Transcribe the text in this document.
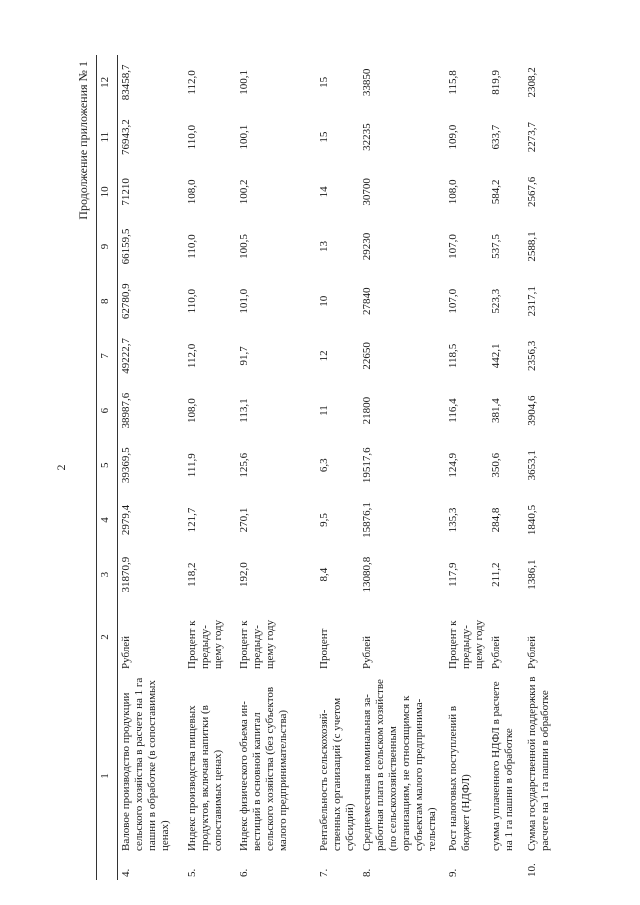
2
Продолжение приложения № 1
1		2	3	4	5	6	7	8	9	10	11	12
4.	Валовое производство продукции сельского хозяйства в расчете на 1 га пашни в обработке (в сопоставимых ценах)	Рублей	31870,9	2979,4	39369,5	38987,6	49222,7	62780,9	66159,5	71210	76943,2	83458,7
5.	Индекс производства пищевых продуктов, включая напитки (в сопоставимых ценах)	Процент к предыдущему году	118,2	121,7	111,9	108,0	112,0	110,0	110,0	108,0	110,0	112,0
6.	Индекс физического объема инвестиций в основной капитал сельского хозяйства (без субъектов малого предпринимательства)	Процент к предыдущему году	192,0	270,1	125,6	113,1	91,7	101,0	100,5	100,2	100,1	100,1
7.	Рентабельность сельскохозяйственных организаций (с учетом субсидий)	Процент	8,4	9,5	6,3	11	12	10	13	14	15	15
8.	Среднемесячная номинальная заработная плата в сельском хозяйстве (по сельскохозяйственным организациям, не относящимся к субъектам малого предпринимательства)	Рублей	13080,8	15876,1	19517,6	21800	22650	27840	29230	30700	32235	33850
9.	Рост налоговых поступлений в бюджет (НДФЛ)	Процент к предыдущему году	117,9	135,3	124,9	116,4	118,5	107,0	107,0	108,0	109,0	115,8
	сумма уплаченного НДФЛ в расчете на 1 га пашни в обработке	Рублей	211,2	284,8	350,6	381,4	442,1	523,3	537,5	584,2	633,7	819,9
10.	Сумма государственной поддержки в расчете на 1 га пашни в обработке	Рублей	1386,1	1840,5	3653,1	3904,6	2356,3	2317,1	2588,1	2567,6	2273,7	2308,2
